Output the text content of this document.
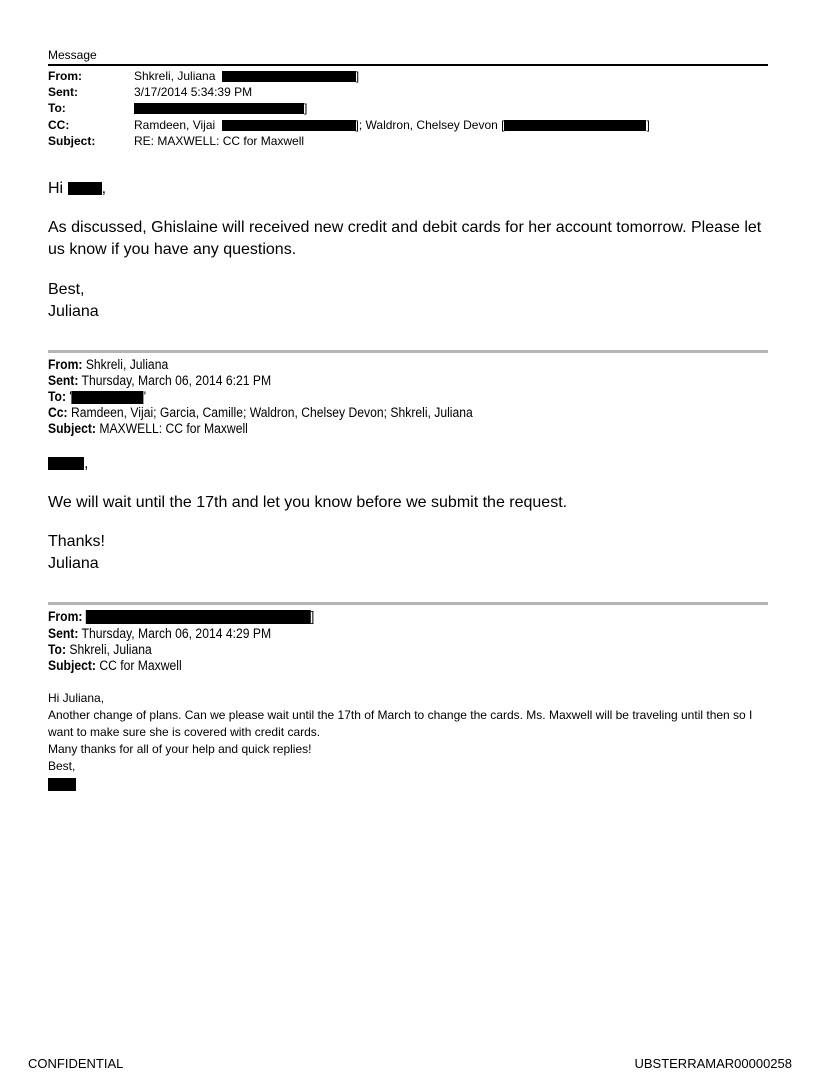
Message
From:	Shkreli, Juliana	]
Sent:	3/17/2014 5:34:39 PM
To:	]
CC:	Ramdeen, Vijai	]; Waldron, Chelsey Devon [	]
Subject:	RE: MAXWELL: CC for Maxwell
Hi ,
As discussed, Ghislaine will received new credit and debit cards for her account tomorrow. Please let us know if you have any questions.
Best,
Juliana
From: Shkreli, Juliana
Sent: Thursday, March 06, 2014 6:21 PM
To: '	'
Cc: Ramdeen, Vijai; Garcia, Camille; Waldron, Chelsey Devon; Shkreli, Juliana
Subject: MAXWELL: CC for Maxwell
,
We will wait until the 17th and let you know before we submit the request.
Thanks!
Juliana
From:	]
Sent: Thursday, March 06, 2014 4:29 PM
To: Shkreli, Juliana
Subject: CC for Maxwell
Hi Juliana,
Another change of plans. Can we please wait until the 17th of March to change the cards. Ms. Maxwell will be traveling until then so I want to make sure she is covered with credit cards.
Many thanks for all of your help and quick replies!
Best,
CONFIDENTIAL	UBSTERRAMAR00000258
